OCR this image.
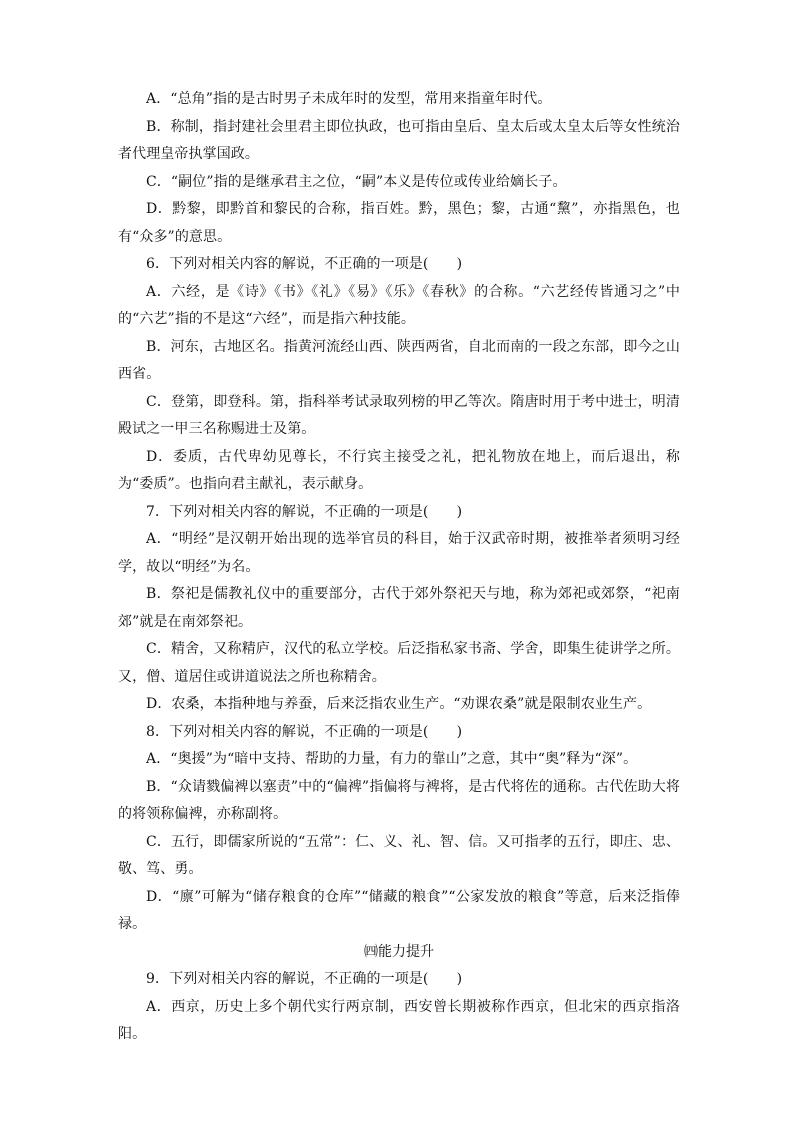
A．“总角”指的是古时男子未成年时的发型，常用来指童年时代。

B．称制，指封建社会里君主即位执政，也可指由皇后、皇太后或太皇太后等女性统治者代理皇帝执掌国政。

C．“嗣位”指的是继承君主之位，“嗣”本义是传位或传业给嫡长子。

D．黔黎，即黔首和黎民的合称，指百姓。黔，黑色；黎，古通“黧”，亦指黑色，也有“众多”的意思。

6．下列对相关内容的解说，不正确的一项是(　　)

A．六经，是《诗》《书》《礼》《易》《乐》《春秋》的合称。“六艺经传皆通习之”中的“六艺”指的不是这“六经”，而是指六种技能。

B．河东，古地区名。指黄河流经山西、陕西两省，自北而南的一段之东部，即今之山西省。

C．登第，即登科。第，指科举考试录取列榜的甲乙等次。隋唐时用于考中进士，明清殿试之一甲三名称赐进士及第。

D．委质，古代卑幼见尊长，不行宾主接受之礼，把礼物放在地上，而后退出，称为“委质”。也指向君主献礼，表示献身。

7．下列对相关内容的解说，不正确的一项是(　　)

A．“明经”是汉朝开始出现的选举官员的科目，始于汉武帝时期，被推举者须明习经学，故以“明经”为名。

B．祭祀是儒教礼仪中的重要部分，古代于郊外祭祀天与地，称为郊祀或郊祭，“祀南郊”就是在南郊祭祀。

C．精舍，又称精庐，汉代的私立学校。后泛指私家书斋、学舍，即集生徒讲学之所。又，僧、道居住或讲道说法之所也称精舍。

D．农桑，本指种地与养蚕，后来泛指农业生产。“劝课农桑”就是限制农业生产。

8．下列对相关内容的解说，不正确的一项是(　　)

A．“奥援”为“暗中支持、帮助的力量，有力的靠山”之意，其中“奥”释为“深”。

B．“众请戮偏裨以塞责”中的“偏裨”指偏将与裨将，是古代将佐的通称。古代佐助大将的将领称偏裨，亦称副将。

C．五行，即儒家所说的“五常”：仁、义、礼、智、信。又可指孝的五行，即庄、忠、敬、笃、勇。

D．“廪”可解为“储存粮食的仓库”“储藏的粮食”“公家发放的粮食”等意，后来泛指俸禄。

㈣能力提升

9．下列对相关内容的解说，不正确的一项是(　　)

A．西京，历史上多个朝代实行两京制，西安曾长期被称作西京，但北宋的西京指洛阳。
